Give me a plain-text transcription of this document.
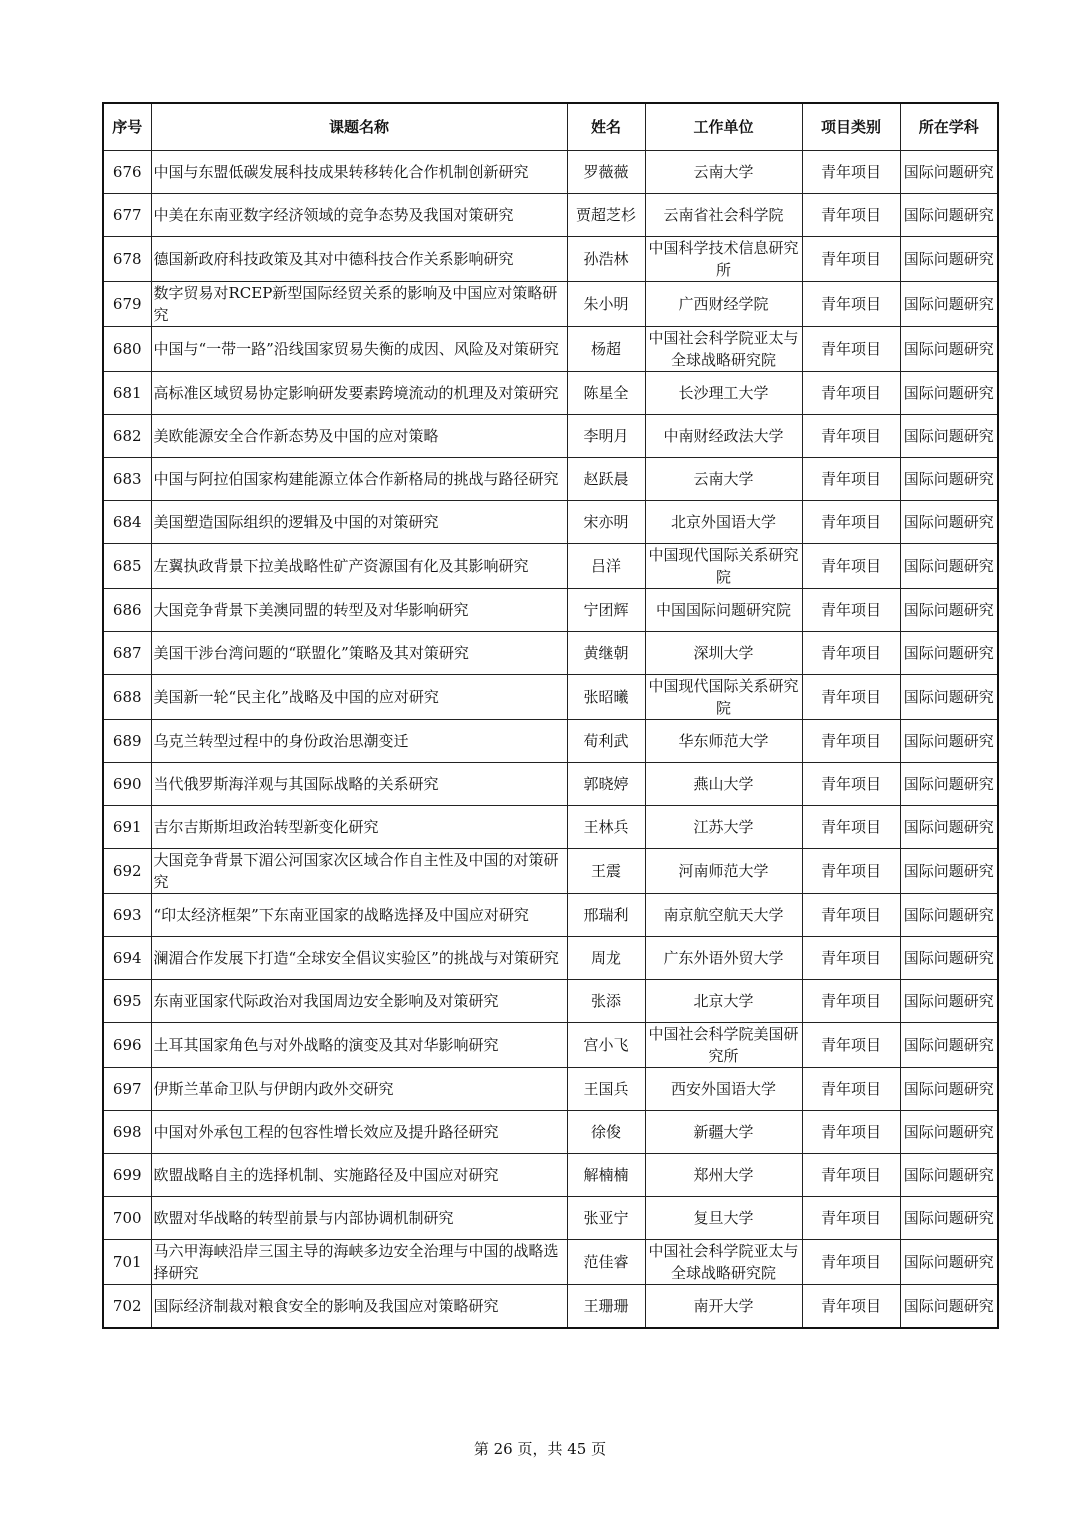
序号	课题名称	姓名	工作单位	项目类别	所在学科
676	中国与东盟低碳发展科技成果转移转化合作机制创新研究	罗薇薇	云南大学	青年项目	国际问题研究
677	中美在东南亚数字经济领域的竞争态势及我国对策研究	贾超芝杉	云南省社会科学院	青年项目	国际问题研究
678	德国新政府科技政策及其对中德科技合作关系影响研究	孙浩林	中国科学技术信息研究所	青年项目	国际问题研究
679	数字贸易对RCEP新型国际经贸关系的影响及中国应对策略研究	朱小明	广西财经学院	青年项目	国际问题研究
680	中国与“一带一路”沿线国家贸易失衡的成因、风险及对策研究	杨超	中国社会科学院亚太与全球战略研究院	青年项目	国际问题研究
681	高标准区域贸易协定影响研发要素跨境流动的机理及对策研究	陈星全	长沙理工大学	青年项目	国际问题研究
682	美欧能源安全合作新态势及中国的应对策略	李明月	中南财经政法大学	青年项目	国际问题研究
683	中国与阿拉伯国家构建能源立体合作新格局的挑战与路径研究	赵跃晨	云南大学	青年项目	国际问题研究
684	美国塑造国际组织的逻辑及中国的对策研究	宋亦明	北京外国语大学	青年项目	国际问题研究
685	左翼执政背景下拉美战略性矿产资源国有化及其影响研究	吕洋	中国现代国际关系研究院	青年项目	国际问题研究
686	大国竞争背景下美澳同盟的转型及对华影响研究	宁团辉	中国国际问题研究院	青年项目	国际问题研究
687	美国干涉台湾问题的“联盟化”策略及其对策研究	黄继朝	深圳大学	青年项目	国际问题研究
688	美国新一轮“民主化”战略及中国的应对研究	张昭曦	中国现代国际关系研究院	青年项目	国际问题研究
689	乌克兰转型过程中的身份政治思潮变迁	荀利武	华东师范大学	青年项目	国际问题研究
690	当代俄罗斯海洋观与其国际战略的关系研究	郭晓婷	燕山大学	青年项目	国际问题研究
691	吉尔吉斯斯坦政治转型新变化研究	王林兵	江苏大学	青年项目	国际问题研究
692	大国竞争背景下湄公河国家次区域合作自主性及中国的对策研究	王震	河南师范大学	青年项目	国际问题研究
693	“印太经济框架”下东南亚国家的战略选择及中国应对研究	邢瑞利	南京航空航天大学	青年项目	国际问题研究
694	澜湄合作发展下打造“全球安全倡议实验区”的挑战与对策研究	周龙	广东外语外贸大学	青年项目	国际问题研究
695	东南亚国家代际政治对我国周边安全影响及对策研究	张添	北京大学	青年项目	国际问题研究
696	土耳其国家角色与对外战略的演变及其对华影响研究	宫小飞	中国社会科学院美国研究所	青年项目	国际问题研究
697	伊斯兰革命卫队与伊朗内政外交研究	王国兵	西安外国语大学	青年项目	国际问题研究
698	中国对外承包工程的包容性增长效应及提升路径研究	徐俊	新疆大学	青年项目	国际问题研究
699	欧盟战略自主的选择机制、实施路径及中国应对研究	解楠楠	郑州大学	青年项目	国际问题研究
700	欧盟对华战略的转型前景与内部协调机制研究	张亚宁	复旦大学	青年项目	国际问题研究
701	马六甲海峡沿岸三国主导的海峡多边安全治理与中国的战略选择研究	范佳睿	中国社会科学院亚太与全球战略研究院	青年项目	国际问题研究
702	国际经济制裁对粮食安全的影响及我国应对策略研究	王珊珊	南开大学	青年项目	国际问题研究
第 26 页，共 45 页
